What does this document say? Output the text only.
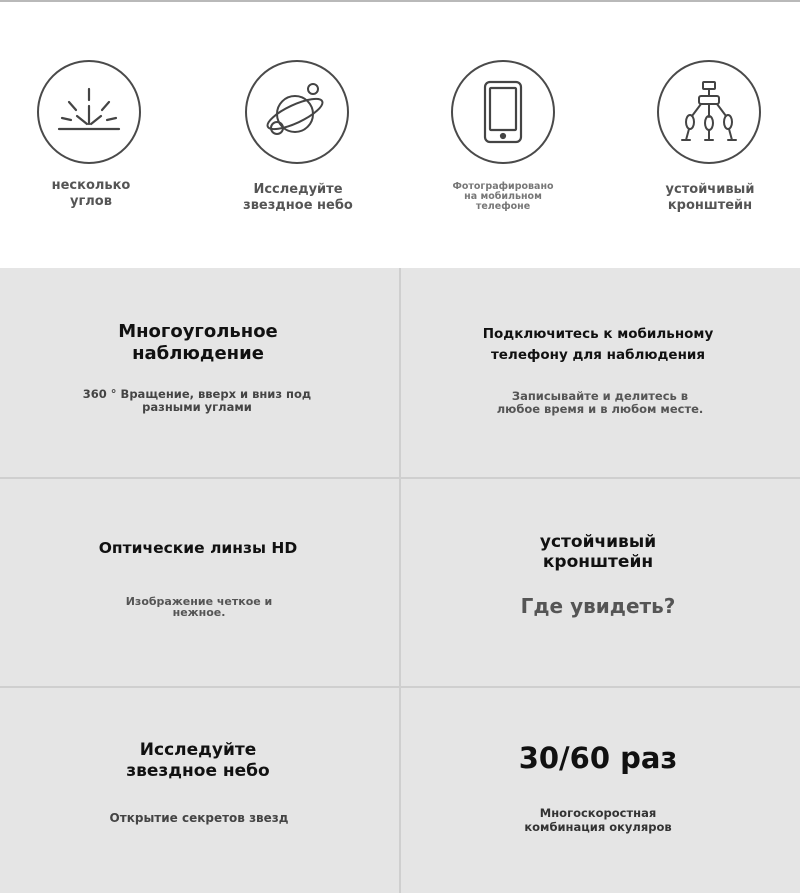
несколько
углов
Исследуйте
звездное небо
Фотографировано
на мобильном
телефоне
устойчивый
кронштейн
Многоугольное
наблюдение
360 ° Вращение, вверх и вниз под
разными углами
Подключитесь к мобильному
телефону для наблюдения
Записывайте и делитесь в
любое время и в любом месте.
Оптические линзы HD
Изображение четкое и
нежное.
устойчивый
кронштейн
Где увидеть?
Исследуйте
звездное небо
Открытие секретов звезд
30/60 раз
Многоскоростная
комбинация окуляров
